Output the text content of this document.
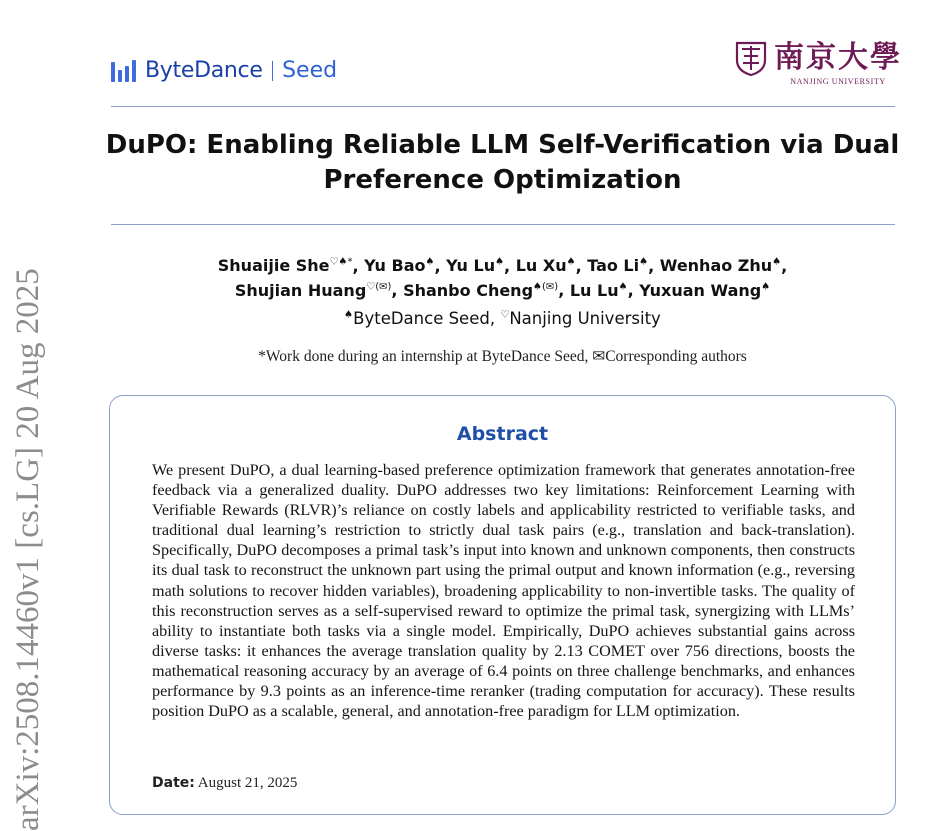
arXiv:2508.14460v1 [cs.LG] 20 Aug 2025
ByteDance Seed	南京大學
NANJING UNIVERSITY
DuPO: Enabling Reliable LLM Self-Verification via Dual
Preference Optimization
Shuaijie She♡♠*, Yu Bao♠, Yu Lu♠, Lu Xu♠, Tao Li♠, Wenhao Zhu♠,
Shujian Huang♡(✉), Shanbo Cheng♠(✉), Lu Lu♠, Yuxuan Wang♠
♠ByteDance Seed, ♡Nanjing University
*Work done during an internship at ByteDance Seed, ✉Corresponding authors
Abstract
We present DuPO, a dual learning-based preference optimization framework that generates annotation-free feedback via a generalized duality. DuPO addresses two key limitations: Reinforcement Learning with Verifiable Rewards (RLVR)’s reliance on costly labels and applicability restricted to verifiable tasks, and traditional dual learning’s restriction to strictly dual task pairs (e.g., translation and back-translation). Specifically, DuPO decomposes a primal task’s input into known and unknown components, then constructs its dual task to reconstruct the unknown part using the primal output and known information (e.g., reversing math solutions to recover hidden variables), broadening applicability to non-invertible tasks. The quality of this reconstruction serves as a self-supervised reward to optimize the primal task, synergizing with LLMs’ ability to instantiate both tasks via a single model. Empirically, DuPO achieves substantial gains across diverse tasks: it enhances the average translation quality by 2.13 COMET over 756 directions, boosts the mathematical reasoning accuracy by an average of 6.4 points on three challenge benchmarks, and enhances performance by 9.3 points as an inference-time reranker (trading computation for accuracy). These results position DuPO as a scalable, general, and annotation-free paradigm for LLM optimization.
Date: August 21, 2025
